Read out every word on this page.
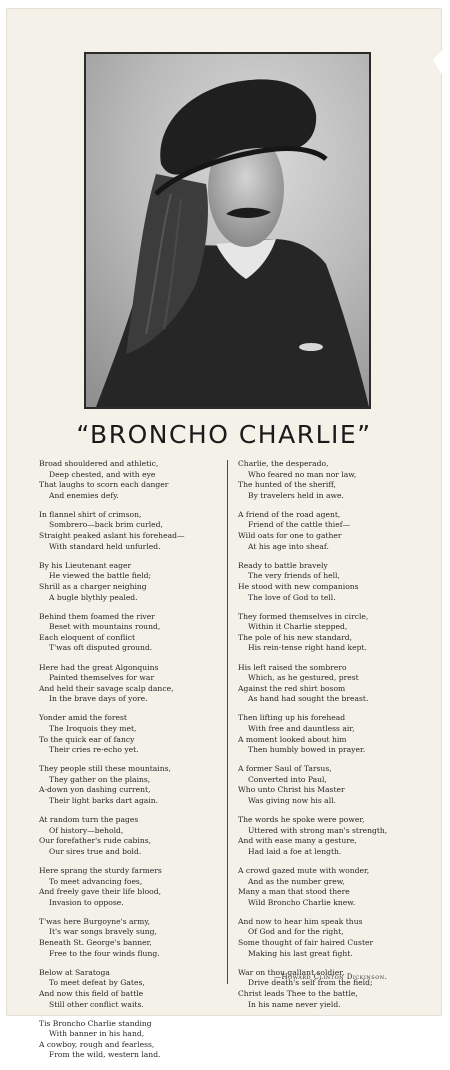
“BRONCHO CHARLIE”
Broad shouldered and athletic,
Deep chested, and with eye
That laughs to scorn each danger
And enemies defy.
In flannel shirt of crimson,
Sombrero—back brim curled,
Straight peaked aslant his forehead—
With standard held unfurled.
By his Lieutenant eager
He viewed the battle field;
Shrill as a charger neighing
A bugle blythly pealed.
Behind them foamed the river
Beset with mountains round,
Each eloquent of conflict
T'was oft disputed ground.
Here had the great Algonquins
Painted themselves for war
And held their savage scalp dance,
In the brave days of yore.
Yonder amid the forest
The Iroquois they met,
To the quick ear of fancy
Their cries re-echo yet.
They people still these mountains,
They gather on the plains,
A-down yon dashing current,
Their light barks dart again.
At random turn the pages
Of history—behold,
Our forefather's rude cabins,
Our sires true and bold.
Here sprang the sturdy farmers
To meet advancing foes,
And freely gave their life blood,
Invasion to oppose.
T'was here Burgoyne's army,
It's war songs bravely sung,
Beneath St. George's banner,
Free to the four winds flung.
Below at Saratoga
To meet defeat by Gates,
And now this field of battle
Still other conflict waits.
Tis Broncho Charlie standing
With banner in his hand,
A cowboy, rough and fearless,
From the wild, western land.
Charlie, the desperado,
Who feared no man nor law,
The hunted of the sheriff,
By travelers held in awe.
A friend of the road agent,
Friend of the cattle thief—
Wild oats for one to gather
At his age into sheaf.
Ready to battle bravely
The very friends of hell,
He stood with new companions
The love of God to tell.
They formed themselves in circle,
Within it Charlie stepped,
The pole of his new standard,
His rein-tense right hand kept.
His left raised the sombrero
Which, as he gestured, prest
Against the red shirt bosom
As hand had sought the breast.
Then lifting up his forehead
With free and dauntless air,
A moment looked about him
Then humbly bowed in prayer.
A former Saul of Tarsus,
Converted into Paul,
Who unto Christ his Master
Was giving now his all.
The words he spoke were power,
Uttered with strong man's strength,
And with ease many a gesture,
Had laid a foe at length.
A crowd gazed mute with wonder,
And as the number grew,
Many a man that stood there
Wild Broncho Charlie knew.
And now to hear him speak thus
Of God and for the right,
Some thought of fair haired Custer
Making his last great fight.
War on thou gallant soldier,
Drive death's self from the field;
Christ leads Thee to the battle,
In his name never yield.
—Howard Clinton Dickinson.
